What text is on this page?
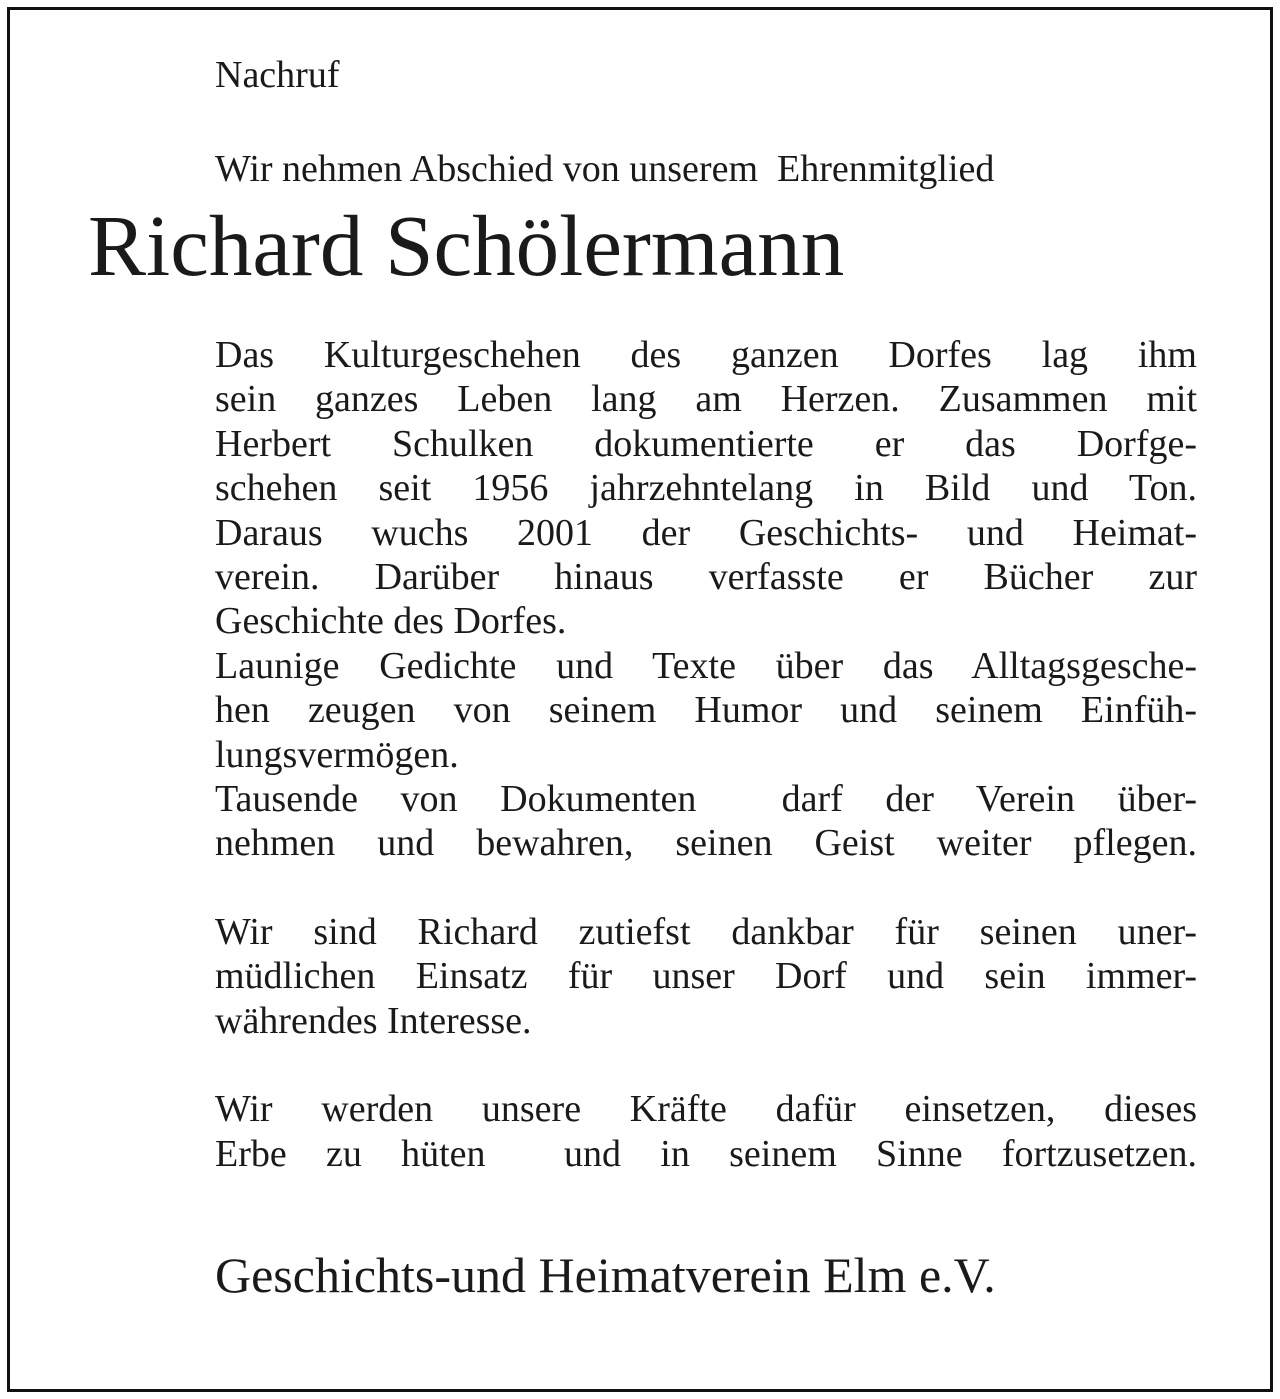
Nachruf
Wir nehmen Abschied von unserem  Ehrenmitglied
Richard Schölermann

Das Kulturgeschehen des ganzen Dorfes lag ihm
sein ganzes Leben lang am Herzen. Zusammen mit
Herbert Schulken dokumentierte er das Dorfge-
schehen seit 1956 jahrzehntelang in Bild und Ton.
Daraus wuchs 2001 der Geschichts- und Heimat-
verein. Darüber hinaus verfasste er Bücher zur
Geschichte des Dorfes.

Launige Gedichte und Texte über das Alltagsgesche-
hen zeugen von seinem Humor und seinem Einfüh-
lungsvermögen.

Tausende von Dokumenten  darf der Verein über-
nehmen und bewahren, seinen Geist weiter pflegen.

Wir sind Richard zutiefst dankbar für seinen uner-
müdlichen Einsatz für unser Dorf und sein immer-
währendes Interesse.

Wir werden unsere Kräfte dafür einsetzen, dieses
Erbe zu hüten  und in seinem Sinne fortzusetzen.

Geschichts-und Heimatverein Elm e.V.
